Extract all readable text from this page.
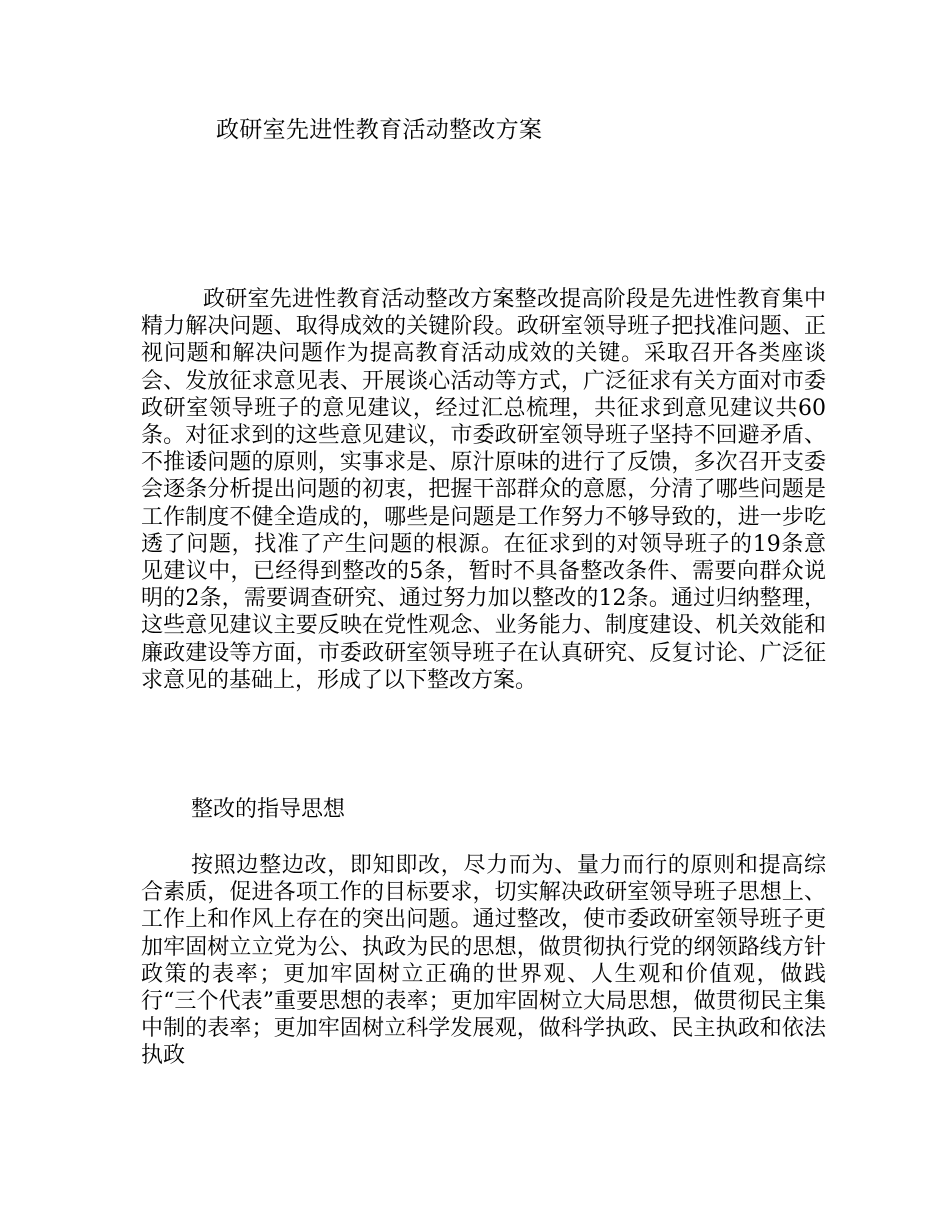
政研室先进性教育活动整改方案

政研室先进性教育活动整改方案整改提高阶段是先进性教育集中精力解决问题、取得成效的关键阶段。政研室领导班子把找准问题、正视问题和解决问题作为提高教育活动成效的关键。采取召开各类座谈会、发放征求意见表、开展谈心活动等方式，广泛征求有关方面对市委政研室领导班子的意见建议，经过汇总梳理，共征求到意见建议共60条。对征求到的这些意见建议，市委政研室领导班子坚持不回避矛盾、不推诿问题的原则，实事求是、原汁原味的进行了反馈，多次召开支委会逐条分析提出问题的初衷，把握干部群众的意愿，分清了哪些问题是工作制度不健全造成的，哪些是问题是工作努力不够导致的，进一步吃透了问题，找准了产生问题的根源。在征求到的对领导班子的19条意见建议中，已经得到整改的5条，暂时不具备整改条件、需要向群众说明的2条，需要调查研究、通过努力加以整改的12条。通过归纳整理，这些意见建议主要反映在党性观念、业务能力、制度建设、机关效能和廉政建设等方面，市委政研室领导班子在认真研究、反复讨论、广泛征求意见的基础上，形成了以下整改方案。

整改的指导思想

按照边整边改，即知即改，尽力而为、量力而行的原则和提高综合素质，促进各项工作的目标要求，切实解决政研室领导班子思想上、工作上和作风上存在的突出问题。通过整改，使市委政研室领导班子更加牢固树立立党为公、执政为民的思想，做贯彻执行党的纲领路线方针政策的表率；更加牢固树立正确的世界观、人生观和价值观，做践行“三个代表”重要思想的表率；更加牢固树立大局思想，做贯彻民主集中制的表率；更加牢固树立科学发展观，做科学执政、民主执政和依法执政
